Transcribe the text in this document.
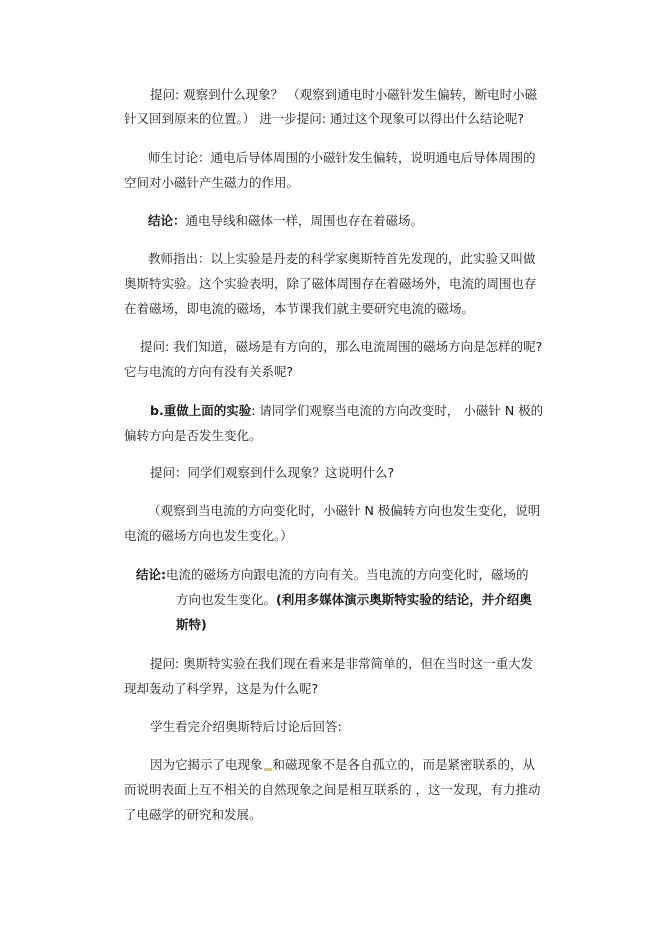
提问: 观察到什么现象？ （观察到通电时小磁针发生偏转，断电时小磁
针又回到原来的位置。） 进一步提问: 通过这个现象可以得出什么结论呢?
师生讨论：通电后导体周围的小磁针发生偏转，说明通电后导体周围的
空间对小磁针产生磁力的作用。
结论：通电导线和磁体一样，周围也存在着磁场。
教师指出：以上实验是丹麦的科学家奥斯特首先发现的，此实验又叫做
奥斯特实验。这个实验表明，除了磁体周围存在着磁场外，电流的周围也存
在着磁场，即电流的磁场，本节课我们就主要研究电流的磁场。
提问: 我们知道，磁场是有方向的，那么电流周围的磁场方向是怎样的呢?
它与电流的方向有没有关系呢?
b.重做上面的实验: 请同学们观察当电流的方向改变时， 小磁针 N 极的
偏转方向是否发生变化。
提问：同学们观察到什么现象？这说明什么?
（观察到当电流的方向变化时，小磁针 N 极偏转方向也发生变化，说明
电流的磁场方向也发生变化。）
结论:电流的磁场方向跟电流的方向有关。当电流的方向变化时，磁场的
方向也发生变化。(利用多媒体演示奥斯特实验的结论，并介绍奥
斯特)
提问: 奥斯特实验在我们现在看来是非常简单的，但在当时这一重大发
现却轰动了科学界，这是为什么呢?
学生看完介绍奥斯特后讨论后回答:
因为它揭示了电现象 和磁现象不是各自孤立的，而是紧密联系的，从
而说明表面上互不相关的自然现象之间是相互联系的 ，这一发现，有力推动
了电磁学的研究和发展。
